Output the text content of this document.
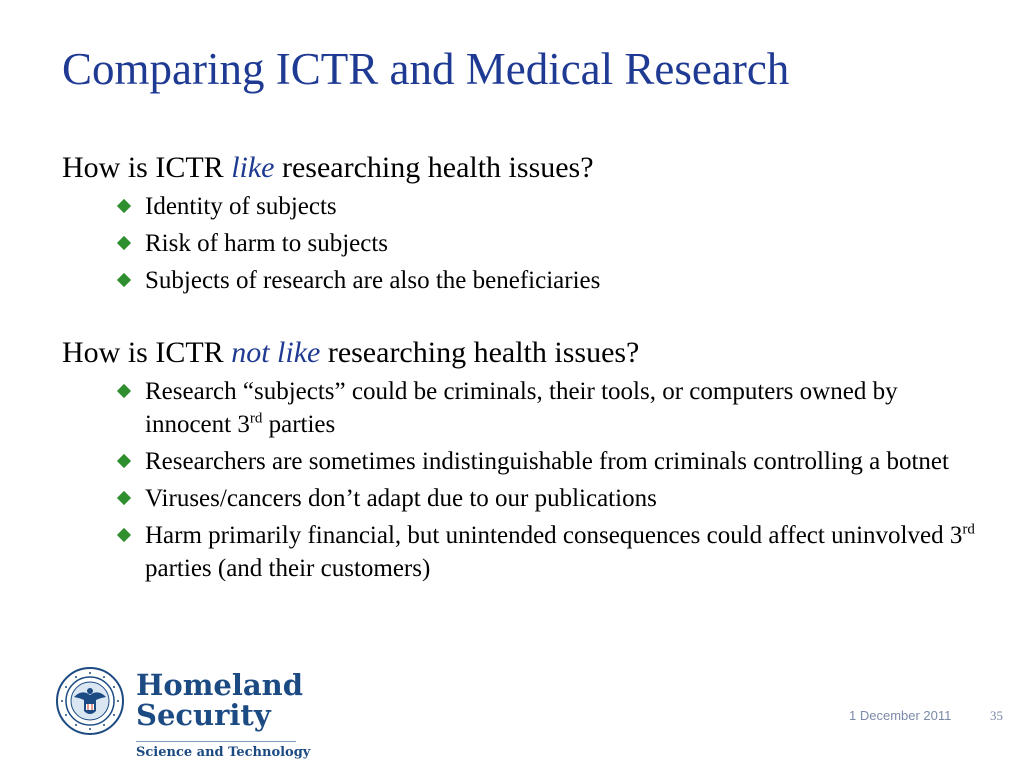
Comparing ICTR and Medical Research

How is ICTR like researching health issues?

Identity of subjects
Risk of harm to subjects
Subjects of research are also the beneficiaries

How is ICTR not like researching health issues?

Research “subjects” could be criminals, their tools, or computers owned by innocent 3rd parties
Researchers are sometimes indistinguishable from criminals controlling a botnet
Viruses/cancers don’t adapt due to our publications
Harm primarily financial, but unintended consequences could affect uninvolved 3rd parties (and their customers)
Homeland
Security
Science and Technology
1 December 2011	35
